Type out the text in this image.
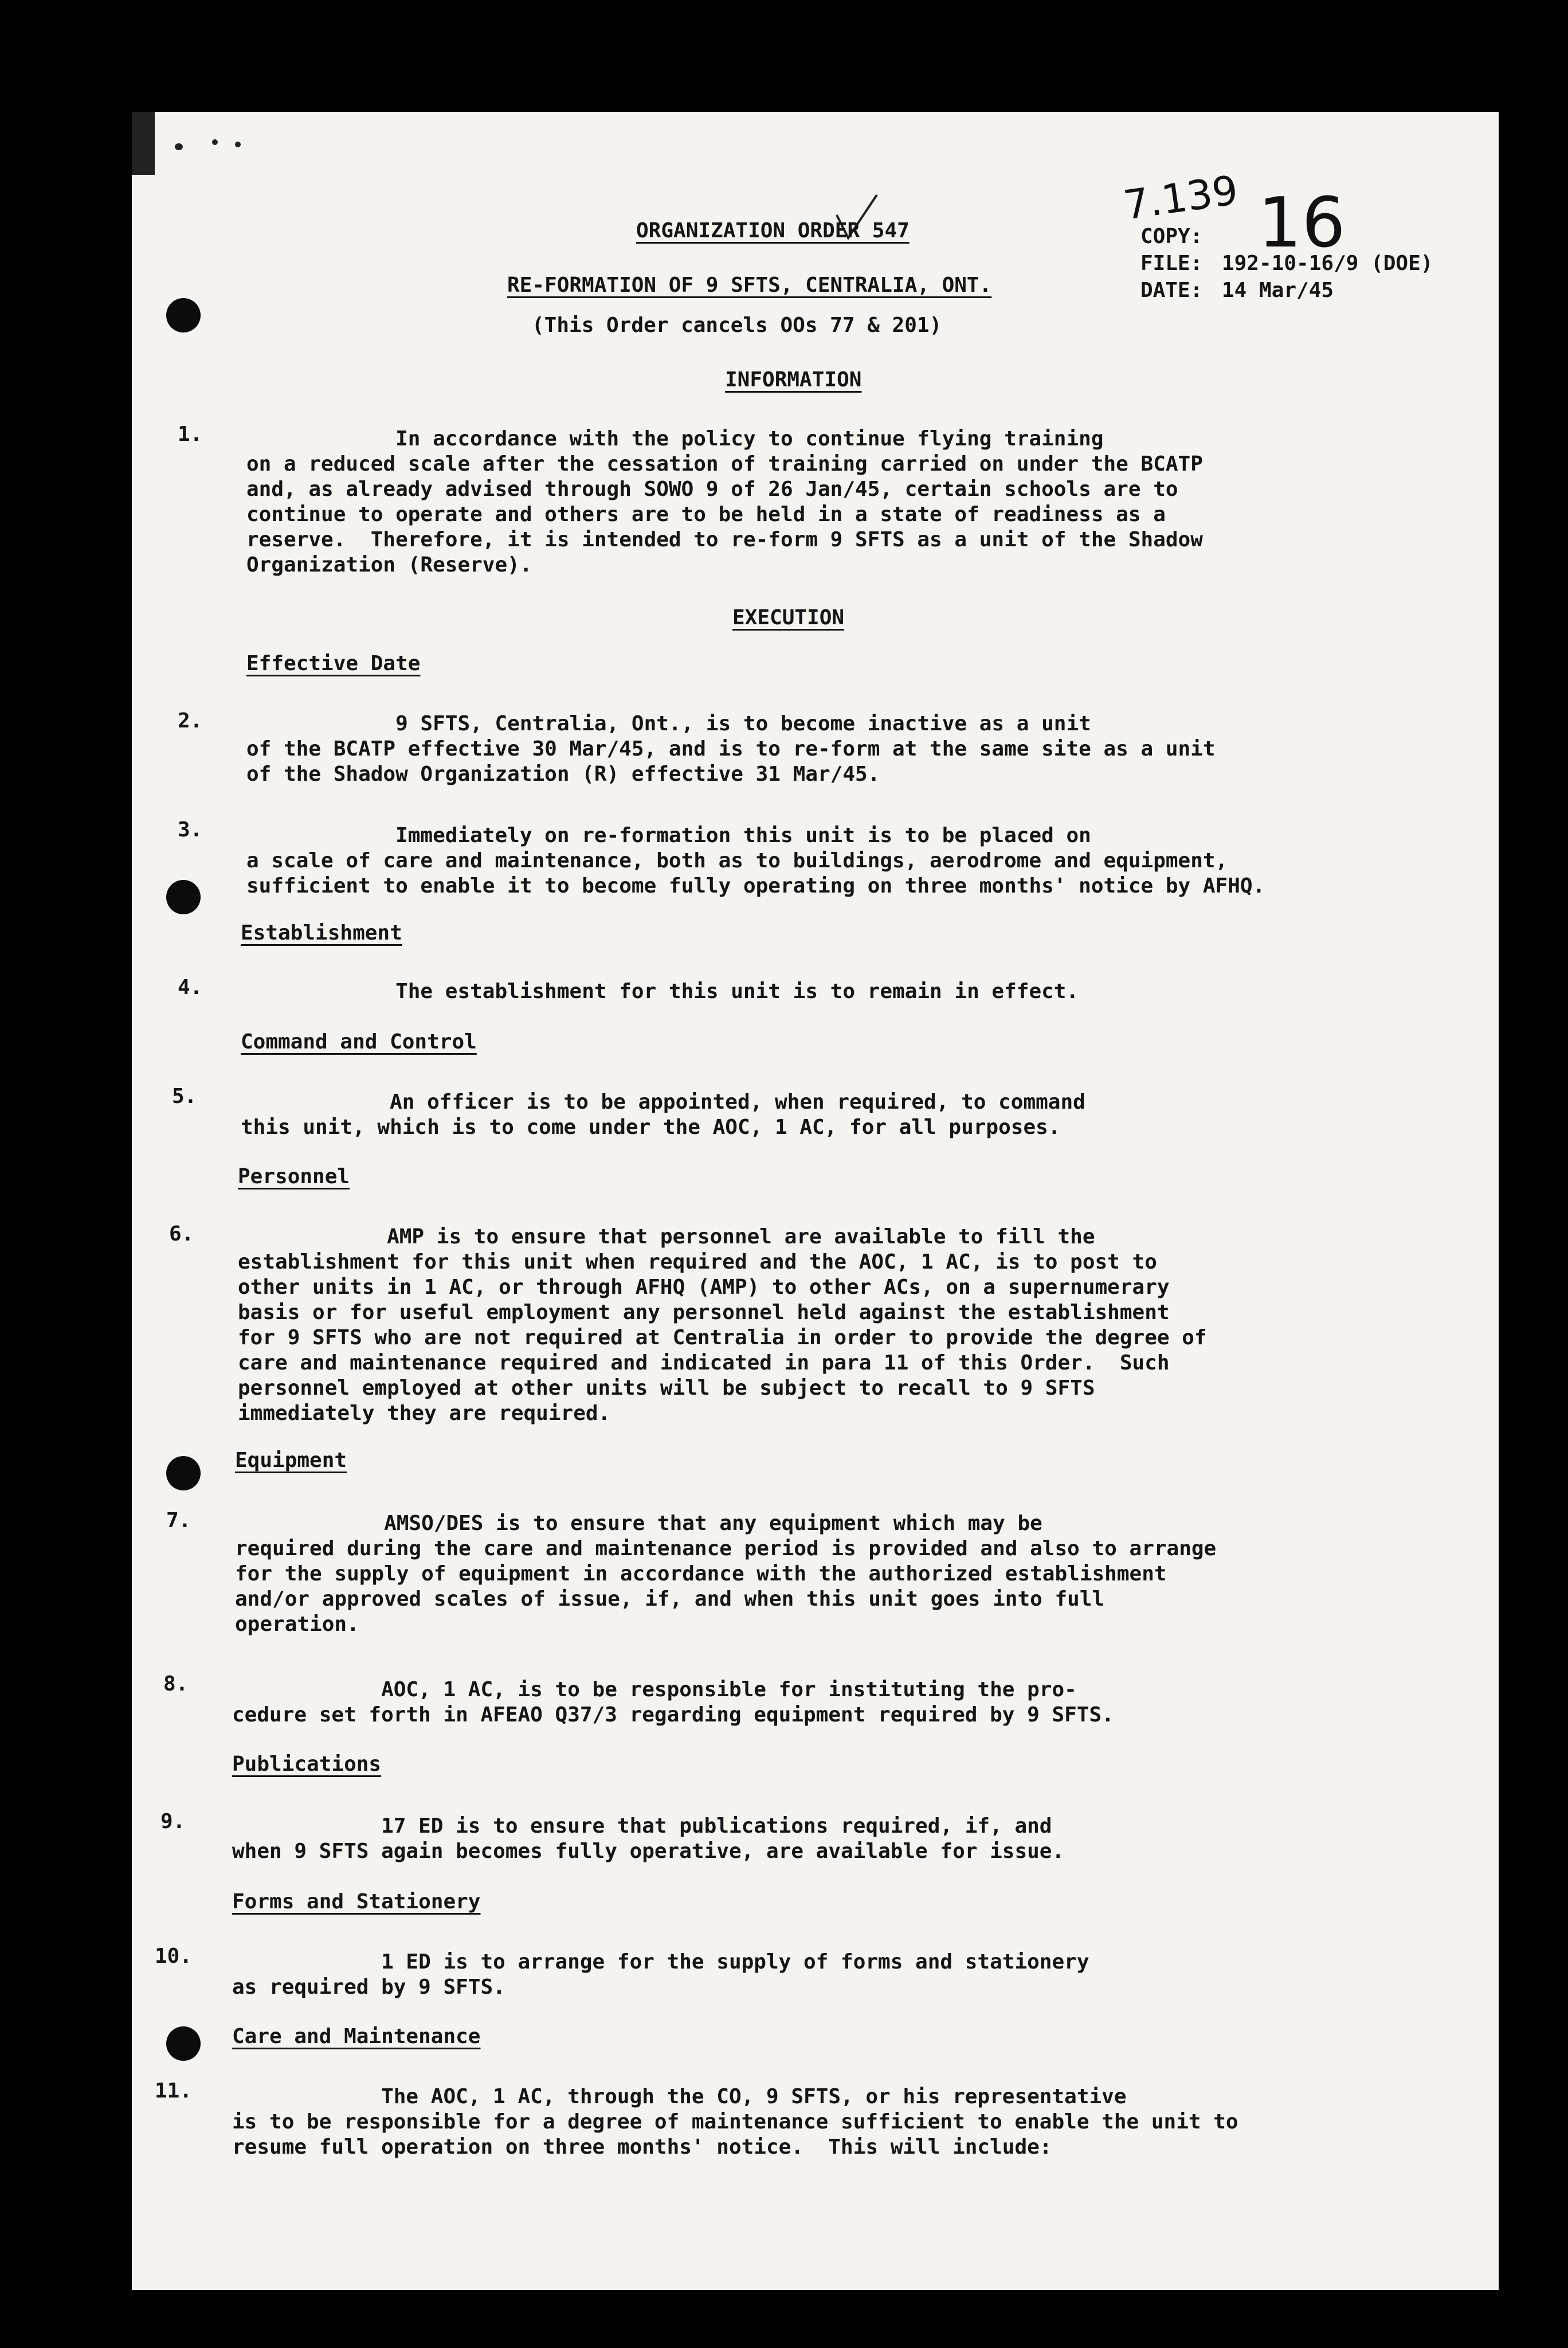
7.139 16

ORGANIZATION ORDER 547

RE-FORMATION OF 9 SFTS, CENTRALIA, ONT.

(This Order cancels OOs 77 & 201)

COPY:

FILE: 192-10-16/9 (DOE)

DATE: 14 Mar/45

INFORMATION

1. In accordance with the policy to continue flying training

on a reduced scale after the cessation of training carried on under the BCATP

and, as already advised through SOWO 9 of 26 Jan/45, certain schools are to

continue to operate and others are to be held in a state of readiness as a

reserve.  Therefore, it is intended to re-form 9 SFTS as a unit of the Shadow

Organization (Reserve).

EXECUTION

Effective Date

2. 9 SFTS, Centralia, Ont., is to become inactive as a unit

of the BCATP effective 30 Mar/45, and is to re-form at the same site as a unit

of the Shadow Organization (R) effective 31 Mar/45.

3. Immediately on re-formation this unit is to be placed on

a scale of care and maintenance, both as to buildings, aerodrome and equipment,

sufficient to enable it to become fully operating on three months' notice by AFHQ.

Establishment

4. The establishment for this unit is to remain in effect.

Command and Control

5. An officer is to be appointed, when required, to command

this unit, which is to come under the AOC, 1 AC, for all purposes.

Personnel

6. AMP is to ensure that personnel are available to fill the

establishment for this unit when required and the AOC, 1 AC, is to post to

other units in 1 AC, or through AFHQ (AMP) to other ACs, on a supernumerary

basis or for useful employment any personnel held against the establishment

for 9 SFTS who are not required at Centralia in order to provide the degree of

care and maintenance required and indicated in para 11 of this Order.  Such

personnel employed at other units will be subject to recall to 9 SFTS

immediately they are required.

Equipment

7. AMSO/DES is to ensure that any equipment which may be

required during the care and maintenance period is provided and also to arrange

for the supply of equipment in accordance with the authorized establishment

and/or approved scales of issue, if, and when this unit goes into full

operation.

8. AOC, 1 AC, is to be responsible for instituting the pro-

cedure set forth in AFEAO Q37/3 regarding equipment required by 9 SFTS.

Publications

9. 17 ED is to ensure that publications required, if, and

when 9 SFTS again becomes fully operative, are available for issue.

Forms and Stationery

10. 1 ED is to arrange for the supply of forms and stationery

as required by 9 SFTS.

Care and Maintenance

11. The AOC, 1 AC, through the CO, 9 SFTS, or his representative

is to be responsible for a degree of maintenance sufficient to enable the unit to

resume full operation on three months' notice.  This will include:
